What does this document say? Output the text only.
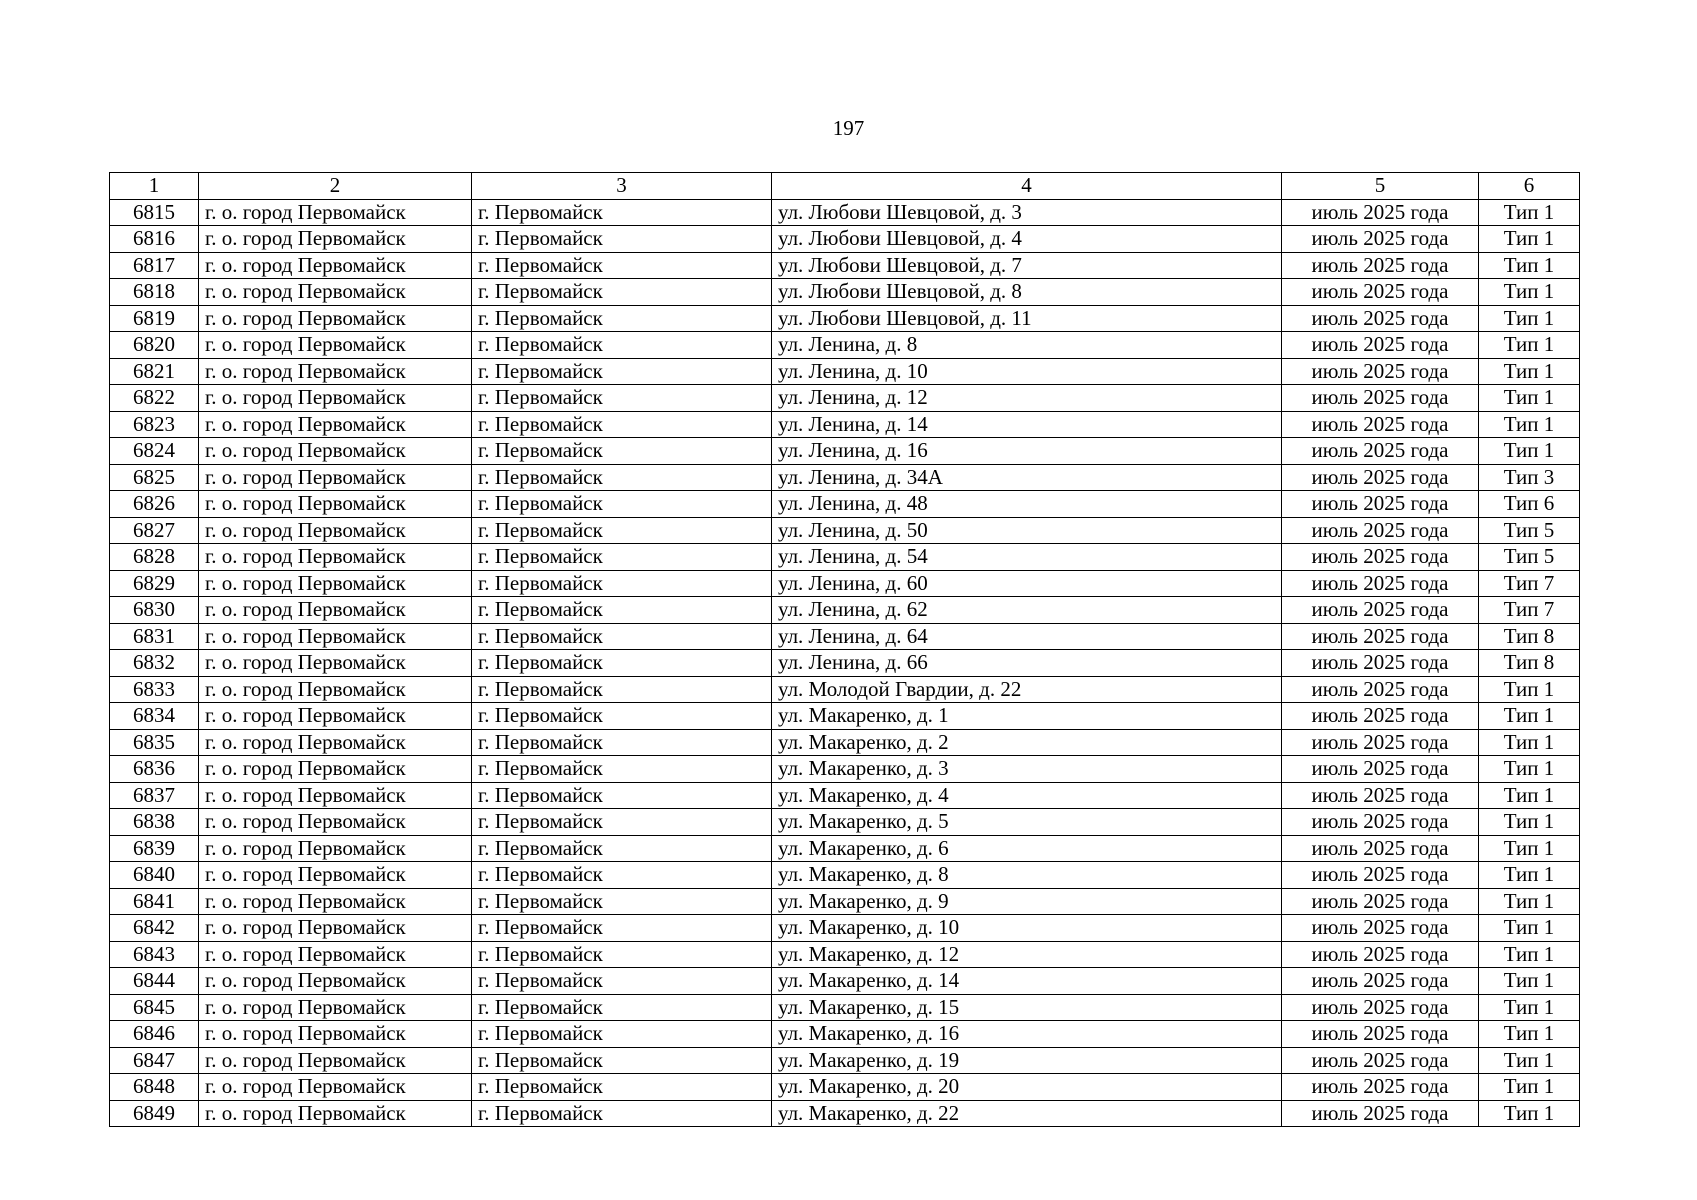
197
1	2	3	4	5	6
6815	г. о. город Первомайск	г. Первомайск	ул. Любови Шевцовой, д. 3	июль 2025 года	Тип 1
6816	г. о. город Первомайск	г. Первомайск	ул. Любови Шевцовой, д. 4	июль 2025 года	Тип 1
6817	г. о. город Первомайск	г. Первомайск	ул. Любови Шевцовой, д. 7	июль 2025 года	Тип 1
6818	г. о. город Первомайск	г. Первомайск	ул. Любови Шевцовой, д. 8	июль 2025 года	Тип 1
6819	г. о. город Первомайск	г. Первомайск	ул. Любови Шевцовой, д. 11	июль 2025 года	Тип 1
6820	г. о. город Первомайск	г. Первомайск	ул. Ленина, д. 8	июль 2025 года	Тип 1
6821	г. о. город Первомайск	г. Первомайск	ул. Ленина, д. 10	июль 2025 года	Тип 1
6822	г. о. город Первомайск	г. Первомайск	ул. Ленина, д. 12	июль 2025 года	Тип 1
6823	г. о. город Первомайск	г. Первомайск	ул. Ленина, д. 14	июль 2025 года	Тип 1
6824	г. о. город Первомайск	г. Первомайск	ул. Ленина, д. 16	июль 2025 года	Тип 1
6825	г. о. город Первомайск	г. Первомайск	ул. Ленина, д. 34А	июль 2025 года	Тип 3
6826	г. о. город Первомайск	г. Первомайск	ул. Ленина, д. 48	июль 2025 года	Тип 6
6827	г. о. город Первомайск	г. Первомайск	ул. Ленина, д. 50	июль 2025 года	Тип 5
6828	г. о. город Первомайск	г. Первомайск	ул. Ленина, д. 54	июль 2025 года	Тип 5
6829	г. о. город Первомайск	г. Первомайск	ул. Ленина, д. 60	июль 2025 года	Тип 7
6830	г. о. город Первомайск	г. Первомайск	ул. Ленина, д. 62	июль 2025 года	Тип 7
6831	г. о. город Первомайск	г. Первомайск	ул. Ленина, д. 64	июль 2025 года	Тип 8
6832	г. о. город Первомайск	г. Первомайск	ул. Ленина, д. 66	июль 2025 года	Тип 8
6833	г. о. город Первомайск	г. Первомайск	ул. Молодой Гвардии, д. 22	июль 2025 года	Тип 1
6834	г. о. город Первомайск	г. Первомайск	ул. Макаренко, д. 1	июль 2025 года	Тип 1
6835	г. о. город Первомайск	г. Первомайск	ул. Макаренко, д. 2	июль 2025 года	Тип 1
6836	г. о. город Первомайск	г. Первомайск	ул. Макаренко, д. 3	июль 2025 года	Тип 1
6837	г. о. город Первомайск	г. Первомайск	ул. Макаренко, д. 4	июль 2025 года	Тип 1
6838	г. о. город Первомайск	г. Первомайск	ул. Макаренко, д. 5	июль 2025 года	Тип 1
6839	г. о. город Первомайск	г. Первомайск	ул. Макаренко, д. 6	июль 2025 года	Тип 1
6840	г. о. город Первомайск	г. Первомайск	ул. Макаренко, д. 8	июль 2025 года	Тип 1
6841	г. о. город Первомайск	г. Первомайск	ул. Макаренко, д. 9	июль 2025 года	Тип 1
6842	г. о. город Первомайск	г. Первомайск	ул. Макаренко, д. 10	июль 2025 года	Тип 1
6843	г. о. город Первомайск	г. Первомайск	ул. Макаренко, д. 12	июль 2025 года	Тип 1
6844	г. о. город Первомайск	г. Первомайск	ул. Макаренко, д. 14	июль 2025 года	Тип 1
6845	г. о. город Первомайск	г. Первомайск	ул. Макаренко, д. 15	июль 2025 года	Тип 1
6846	г. о. город Первомайск	г. Первомайск	ул. Макаренко, д. 16	июль 2025 года	Тип 1
6847	г. о. город Первомайск	г. Первомайск	ул. Макаренко, д. 19	июль 2025 года	Тип 1
6848	г. о. город Первомайск	г. Первомайск	ул. Макаренко, д. 20	июль 2025 года	Тип 1
6849	г. о. город Первомайск	г. Первомайск	ул. Макаренко, д. 22	июль 2025 года	Тип 1
